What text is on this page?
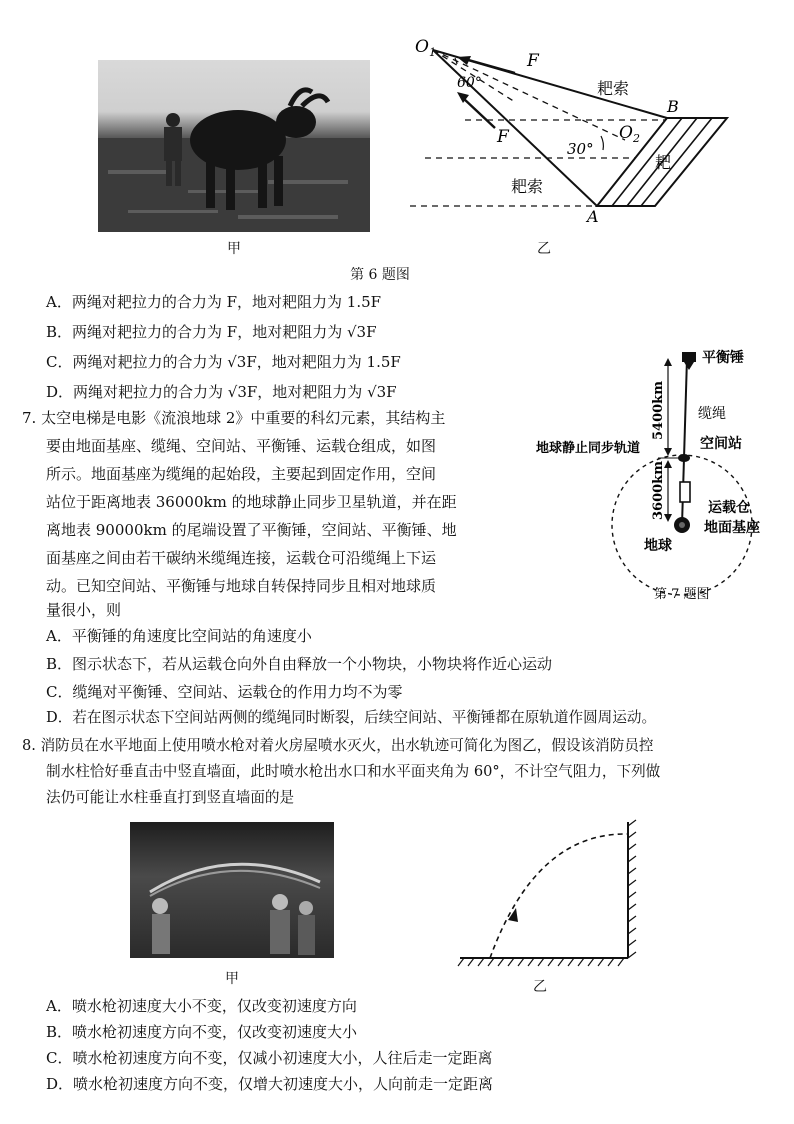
甲
$O_1$
60°
F
耙索
B
F
30°
$O_2$
耙
耙索
A
乙
第 6 题图
A．两绳对耙拉力的合力为 F，地对耙阻力为 1.5F
B．两绳对耙拉力的合力为 F，地对耙阻力为 √3F
C．两绳对耙拉力的合力为 √3F，地对耙阻力为 1.5F
D．两绳对耙拉力的合力为 √3F，地对耙阻力为 √3F
7. 太空电梯是电影《流浪地球 2》中重要的科幻元素，其结构主
要由地面基座、缆绳、空间站、平衡锤、运载仓组成，如图
所示。地面基座为缆绳的起始段，主要起到固定作用，空间
站位于距离地表 36000km 的地球静止同步卫星轨道，并在距
离地表 90000km 的尾端设置了平衡锤，空间站、平衡锤、地
面基座之间由若干碳纳米缆绳连接，运载仓可沿缆绳上下运
动。已知空间站、平衡锤与地球自转保持同步且相对地球质
量很小，则
5400km
3600km
平衡锤
缆绳
地球静止同步轨道	空间站
运载仓
地面基座
地球
第 7 题图
A．平衡锤的角速度比空间站的角速度小
B．图示状态下，若从运载仓向外自由释放一个小物块，小物块将作近心运动
C．缆绳对平衡锤、空间站、运载仓的作用力均不为零
D．若在图示状态下空间站两侧的缆绳同时断裂，后续空间站、平衡锤都在原轨道作圆周运动。
8. 消防员在水平地面上使用喷水枪对着火房屋喷水灭火，出水轨迹可简化为图乙，假设该消防员控
制水柱恰好垂直击中竖直墙面，此时喷水枪出水口和水平面夹角为 60°，不计空气阻力，下列做
法仍可能让水柱垂直打到竖直墙面的是
甲	乙
A．喷水枪初速度大小不变，仅改变初速度方向
B．喷水枪初速度方向不变，仅改变初速度大小
C．喷水枪初速度方向不变，仅减小初速度大小，人往后走一定距离
D．喷水枪初速度方向不变，仅增大初速度大小，人向前走一定距离
